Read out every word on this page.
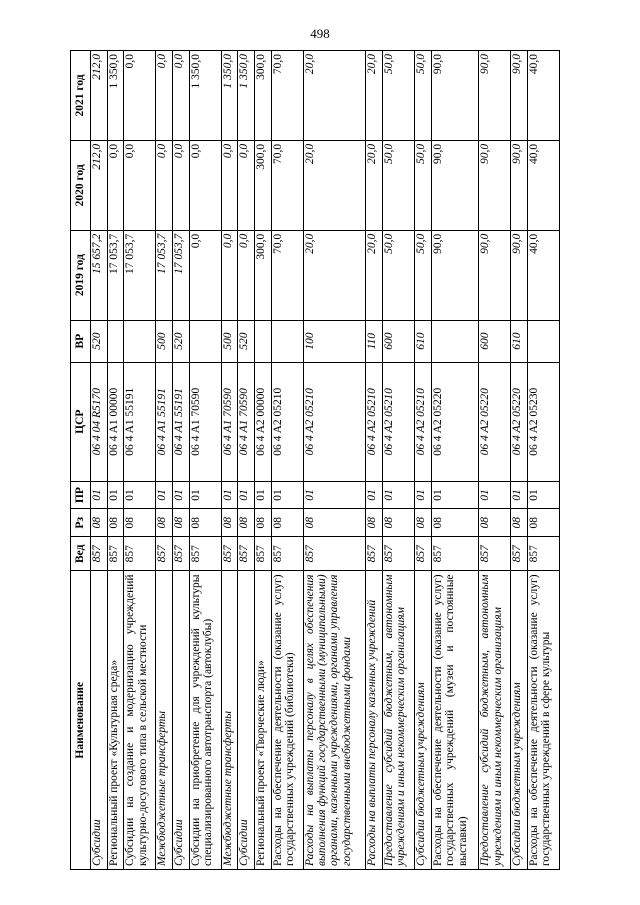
498
Наименование	Вед	Рз	ПР	ЦСР	ВР	2019 год	2020 год	2021 год
Субсидии	857	08	01	06 4 04 R5170	520	15 657,2	212,0	212,0
Региональный проект «Культурная среда»	857	08	01	06 4 A1 00000		17 053,7	0,0	1 350,0
Субсидии на создание и модернизацию учреждений культурно-досугового типа в сельской местности	857	08	01	06 4 A1 55191		17 053,7	0,0	0,0
Межбюджетные трансферты	857	08	01	06 4 A1 55191	500	17 053,7	0,0	0,0
Субсидии	857	08	01	06 4 A1 55191	520	17 053,7	0,0	0,0
Субсидии на приобретение для учреждений культуры специализированного автотранспорта (автоклубы)	857	08	01	06 4 A1 70590		0,0	0,0	1 350,0
Межбюджетные трансферты	857	08	01	06 4 A1 70590	500	0,0	0,0	1 350,0
Субсидии	857	08	01	06 4 A1 70590	520	0,0	0,0	1 350,0
Региональный проект «Творческие люди»	857	08	01	06 4 A2 00000		300,0	300,0	300,0
Расходы на обеспечение деятельности (оказание услуг) государственных учреждений (библиотеки)	857	08	01	06 4 A2 05210		70,0	70,0	70,0
Расходы на выплаты персоналу в целях обеспечения выполнения функций государственными (муниципальными) органами, казенными учреждениями, органами управления государственными внебюджетными фондами	857	08	01	06 4 A2 05210	100	20,0	20,0	20,0
Расходы на выплаты персоналу казенных учреждений	857	08	01	06 4 A2 05210	110	20,0	20,0	20,0
Предоставление субсидий бюджетным, автономным учреждениям и иным некоммерческим организациям	857	08	01	06 4 A2 05210	600	50,0	50,0	50,0
Субсидии бюджетным учреждениям	857	08	01	06 4 A2 05210	610	50,0	50,0	50,0
Расходы на обеспечение деятельности (оказание услуг) государственных учреждений (музеи и постоянные выставки)	857	08	01	06 4 A2 05220		90,0	90,0	90,0
Предоставление субсидий бюджетным, автономным учреждениям и иным некоммерческим организациям	857	08	01	06 4 A2 05220	600	90,0	90,0	90,0
Субсидии бюджетным учреждениям	857	08	01	06 4 A2 05220	610	90,0	90,0	90,0
Расходы на обеспечение деятельности (оказание услуг) государственных учреждений в сфере культуры	857	08	01	06 4 A2 05230		40,0	40,0	40,0
